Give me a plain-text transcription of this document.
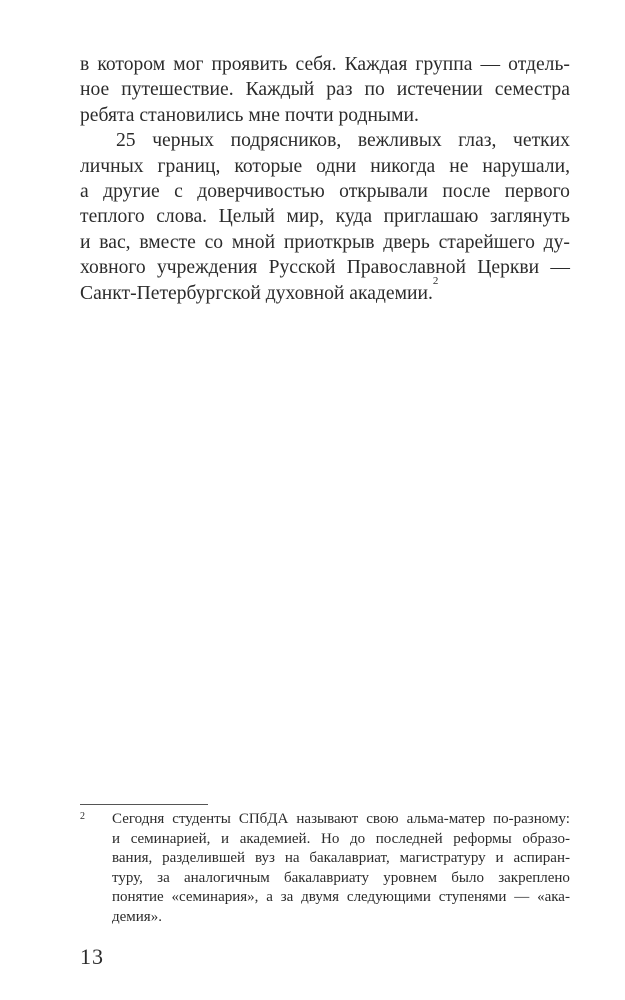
в котором мог проявить себя. Каждая группа — отдель-
ное путешествие. Каждый раз по истечении семестра
ребята становились мне почти родными.
25 черных подрясников, вежливых глаз, четких
личных границ, которые одни никогда не нарушали,
а другие с доверчивостью открывали после первого
теплого слова. Целый мир, куда приглашаю заглянуть
и вас, вместе со мной приоткрыв дверь старейшего ду-
ховного учреждения Русской Православной Церкви —
Санкт-Петербургской духовной академии.
2
2 Сегодня студенты СПбДА называют свою альма-матер по-разному:
и семинарией, и академией. Но до последней реформы образо-
вания, разделившей вуз на бакалавриат, магистратуру и аспиран-
туру, за аналогичным бакалавриату уровнем было закреплено
понятие «семинария», а за двумя следующими ступенями — «ака-
демия».
13
